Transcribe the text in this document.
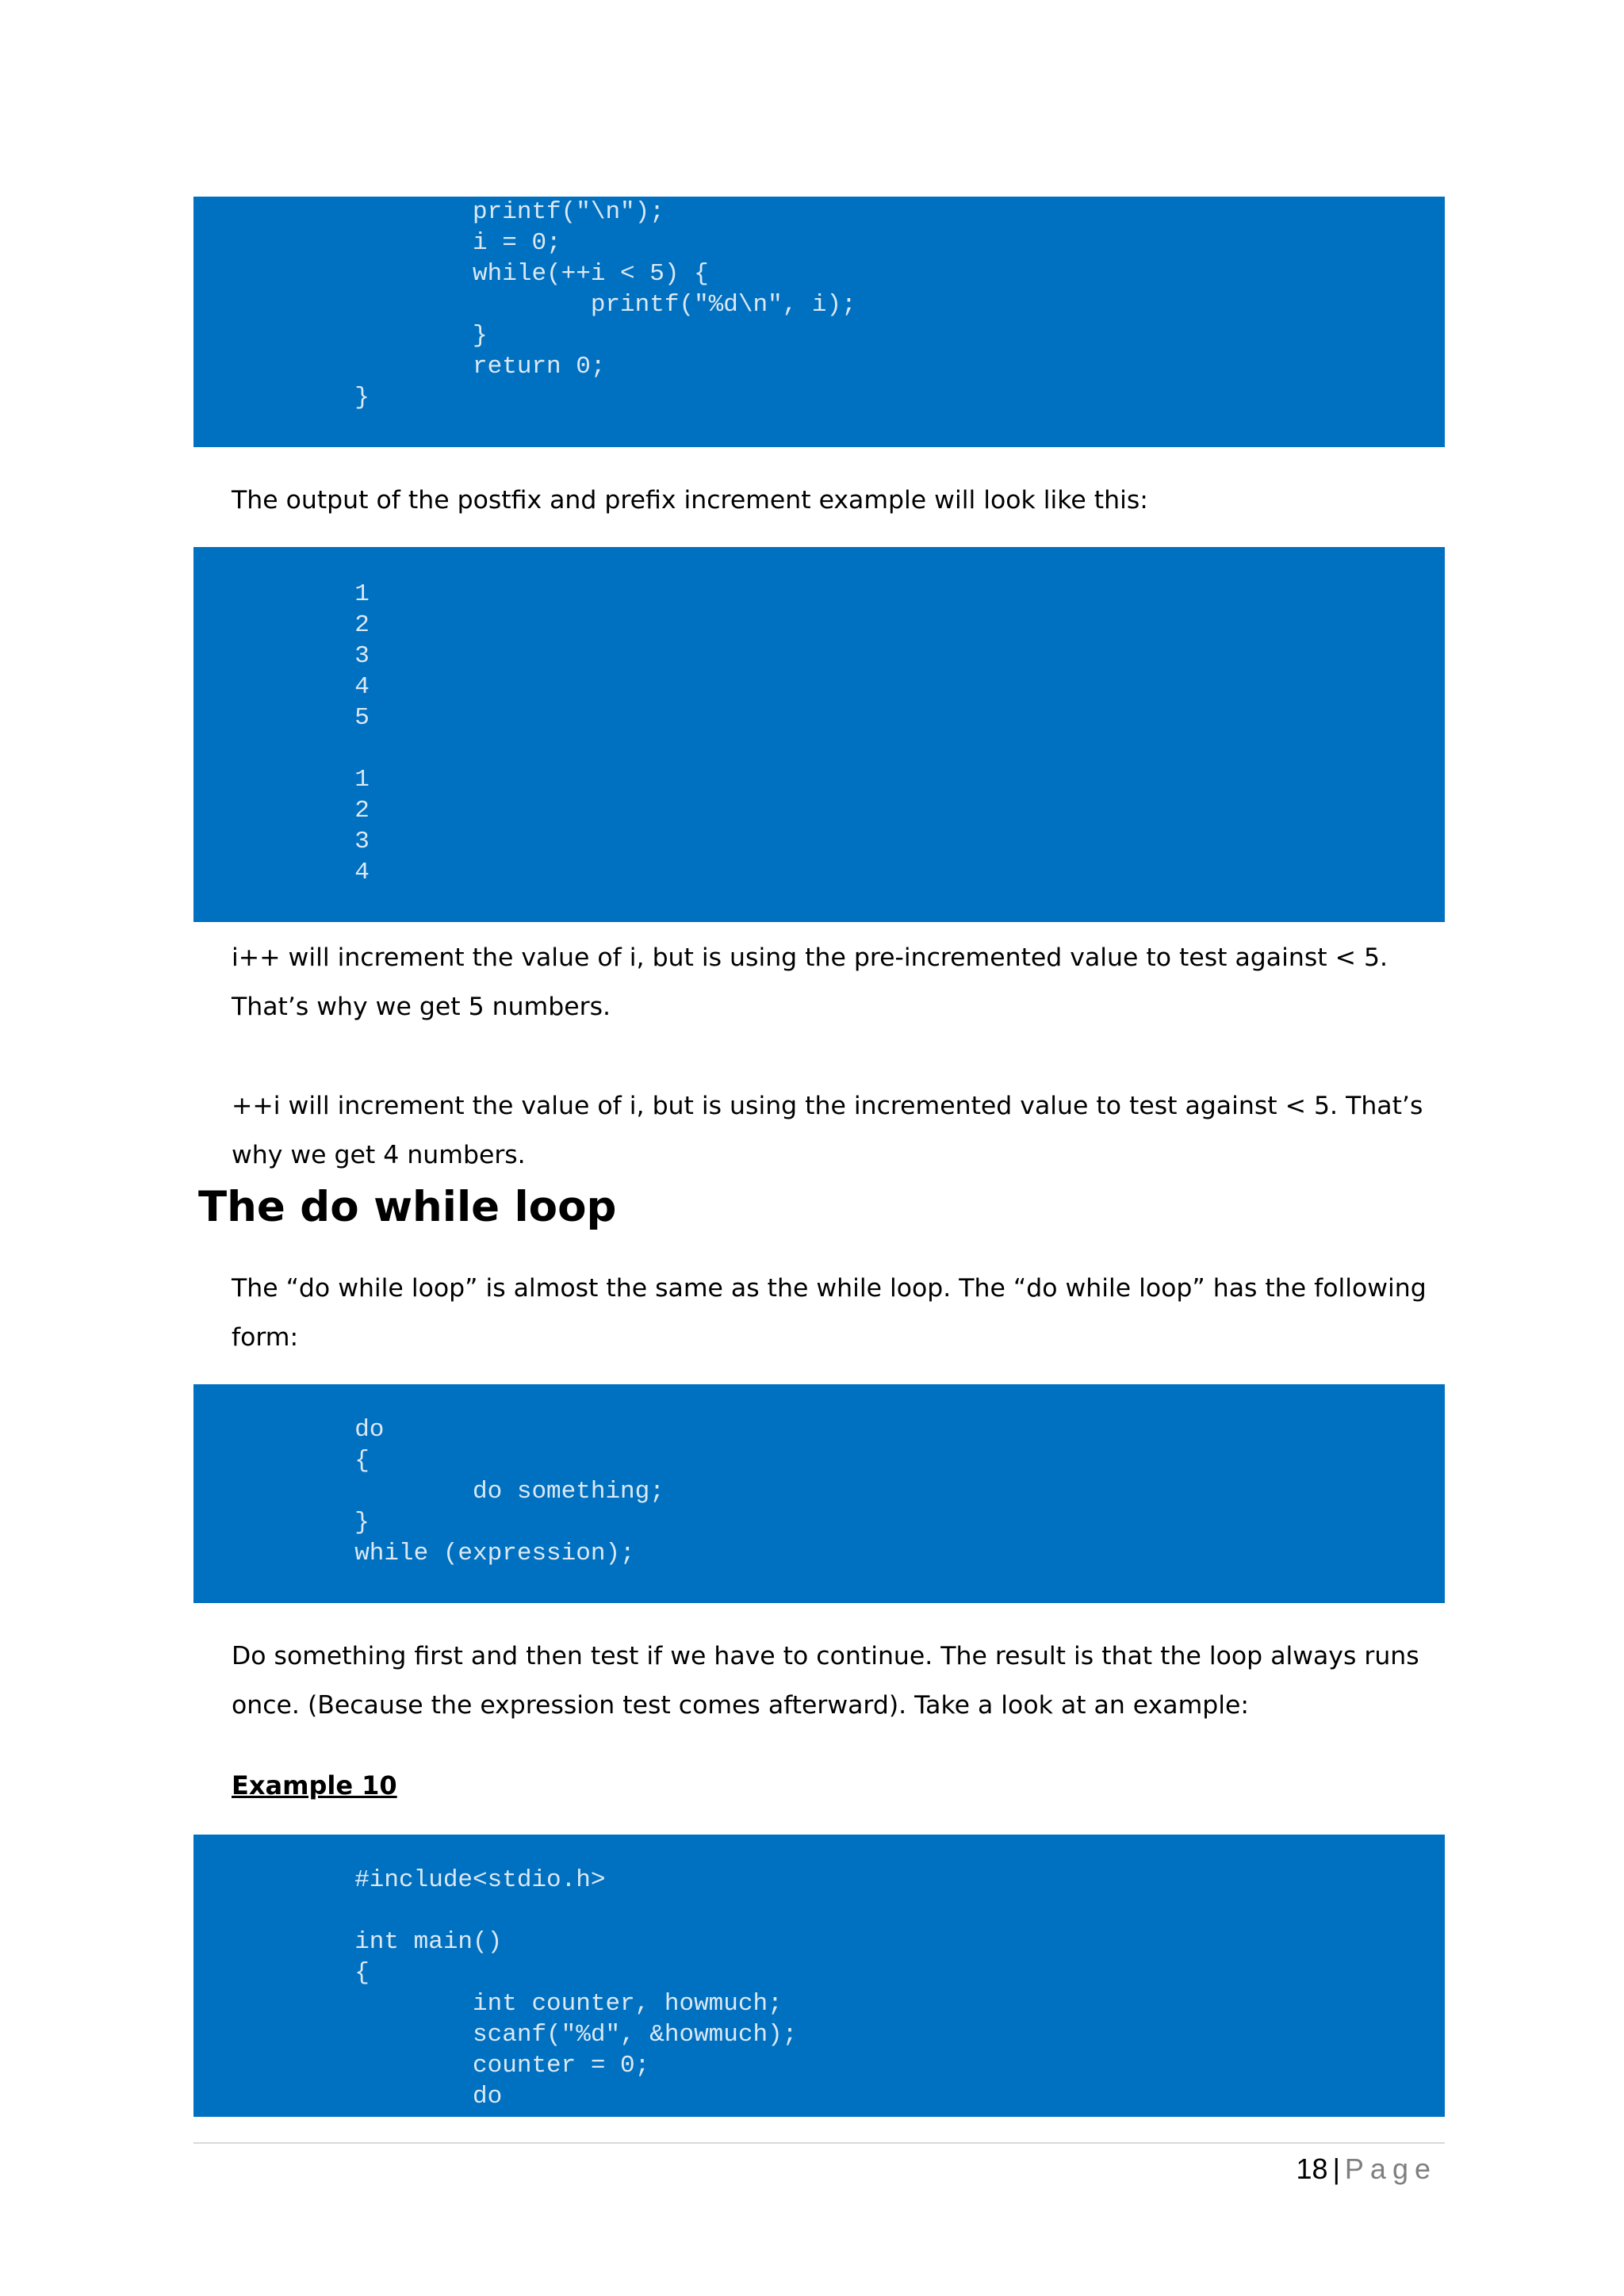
printf("\n");
i = 0;
while(++i < 5) {
printf("%d\n", i);
}
return 0;
}

The output of the postfix and prefix increment example will look like this:

1
2
3
4
5

1
2
3
4

i++ will increment the value of i, but is using the pre-incremented value to test against < 5. That’s why we get 5 numbers.

++i will increment the value of i, but is using the incremented value to test against < 5. That’s why we get 4 numbers.

The do while loop

The “do while loop” is almost the same as the while loop. The “do while loop” has the following form:

do
{
do something;
}
while (expression);

Do something first and then test if we have to continue. The result is that the loop always runs once. (Because the expression test comes afterward). Take a look at an example:

Example 10

#include<stdio.h>

int main()
{
int counter, howmuch;
scanf("%d", &howmuch);
counter = 0;
do
18 | Page
